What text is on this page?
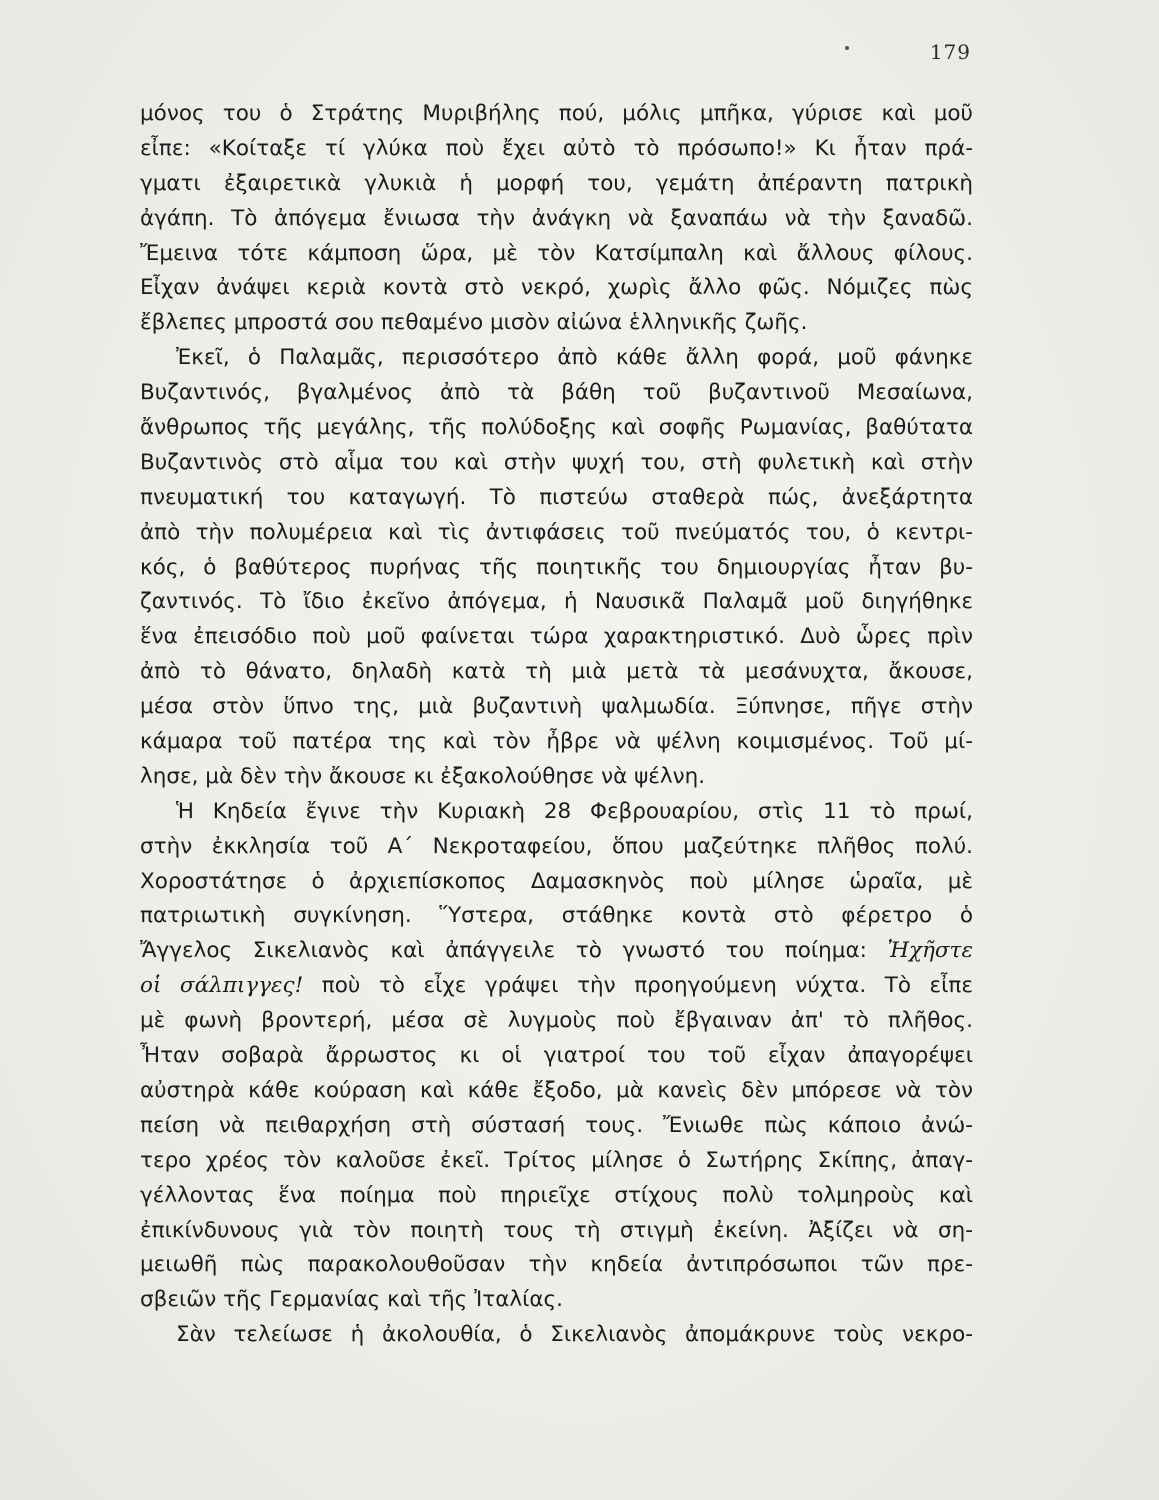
179
μόνος του ὁ Στράτης Μυριβήλης πού, μόλις μπῆκα, γύρισε καὶ μοῦ
εἶπε: «Κοίταξε τί γλύκα ποὺ ἔχει αὐτὸ τὸ πρόσωπο!» Κι ἦταν πρά-
γματι ἐξαιρετικὰ γλυκιὰ ἡ μορφή του, γεμάτη ἀπέραντη πατρικὴ
ἀγάπη. Τὸ ἀπόγεμα ἔνιωσα τὴν ἀνάγκη νὰ ξαναπάω νὰ τὴν ξαναδῶ.
Ἔμεινα τότε κάμποση ὥρα, μὲ τὸν Κατσίμπαλη καὶ ἄλλους φίλους.
Εἶχαν ἀνάψει κεριὰ κοντὰ στὸ νεκρό, χωρὶς ἄλλο φῶς. Νόμιζες πὼς
ἔβλεπες μπροστά σου πεθαμένο μισὸν αἰώνα ἑλληνικῆς ζωῆς.
Ἐκεῖ, ὁ Παλαμᾶς, περισσότερο ἀπὸ κάθε ἄλλη φορά, μοῦ φάνηκε
Βυζαντινός, βγαλμένος ἀπὸ τὰ βάθη τοῦ βυζαντινοῦ Μεσαίωνα,
ἄνθρωπος τῆς μεγάλης, τῆς πολύδοξης καὶ σοφῆς Ρωμανίας, βαθύτατα
Βυζαντινὸς στὸ αἷμα του καὶ στὴν ψυχή του, στὴ φυλετικὴ καὶ στὴν
πνευματική του καταγωγή. Τὸ πιστεύω σταθερὰ πώς, ἀνεξάρτητα
ἀπὸ τὴν πολυμέρεια καὶ τὶς ἀντιφάσεις τοῦ πνεύματός του, ὁ κεντρι-
κός, ὁ βαθύτερος πυρήνας τῆς ποιητικῆς του δημιουργίας ἦταν βυ-
ζαντινός. Τὸ ἴδιο ἐκεῖνο ἀπόγεμα, ἡ Ναυσικᾶ Παλαμᾶ μοῦ διηγήθηκε
ἕνα ἐπεισόδιο ποὺ μοῦ φαίνεται τώρα χαρακτηριστικό. Δυὸ ὧρες πρὶν
ἀπὸ τὸ θάνατο, δηλαδὴ κατὰ τὴ μιὰ μετὰ τὰ μεσάνυχτα, ἄκουσε,
μέσα στὸν ὕπνο της, μιὰ βυζαντινὴ ψαλμωδία. Ξύπνησε, πῆγε στὴν
κάμαρα τοῦ πατέρα της καὶ τὸν ἦβρε νὰ ψέλνη κοιμισμένος. Τοῦ μί-
λησε, μὰ δὲν τὴν ἄκουσε κι ἐξακολούθησε νὰ ψέλνη.
Ἡ Κηδεία ἔγινε τὴν Κυριακὴ 28 Φεβρουαρίου, στὶς 11 τὸ πρωί,
στὴν ἐκκλησία τοῦ Α΄ Νεκροταφείου, ὅπου μαζεύτηκε πλῆθος πολύ.
Χοροστάτησε ὁ ἀρχιεπίσκοπος Δαμασκηνὸς ποὺ μίλησε ὡραῖα, μὲ
πατριωτικὴ συγκίνηση. Ὕστερα, στάθηκε κοντὰ στὸ φέρετρο ὁ
Ἄγγελος Σικελιανὸς καὶ ἀπάγγειλε τὸ γνωστό του ποίημα: Ἠχῆστε
οἱ σάλπιγγες! ποὺ τὸ εἶχε γράψει τὴν προηγούμενη νύχτα. Τὸ εἶπε
μὲ φωνὴ βροντερή, μέσα σὲ λυγμοὺς ποὺ ἔβγαιναν ἀπ' τὸ πλῆθος.
Ἦταν σοβαρὰ ἄρρωστος κι οἱ γιατροί του τοῦ εἶχαν ἀπαγορέψει
αὐστηρὰ κάθε κούραση καὶ κάθε ἔξοδο, μὰ κανεὶς δὲν μπόρεσε νὰ τὸν
πείση νὰ πειθαρχήση στὴ σύστασή τους. Ἔνιωθε πὼς κάποιο ἀνώ-
τερο χρέος τὸν καλοῦσε ἐκεῖ. Τρίτος μίλησε ὁ Σωτήρης Σκίπης, ἀπαγ-
γέλλοντας ἕνα ποίημα ποὺ πηριεῖχε στίχους πολὺ τολμηροὺς καὶ
ἐπικίνδυνους γιὰ τὸν ποιητὴ τους τὴ στιγμὴ ἐκείνη. Ἀξίζει νὰ ση-
μειωθῆ πὼς παρακολουθοῦσαν τὴν κηδεία ἀντιπρόσωποι τῶν πρε-
σβειῶν τῆς Γερμανίας καὶ τῆς Ἰταλίας.
Σὰν τελείωσε ἡ ἀκολουθία, ὁ Σικελιανὸς ἀπομάκρυνε τοὺς νεκρο-
